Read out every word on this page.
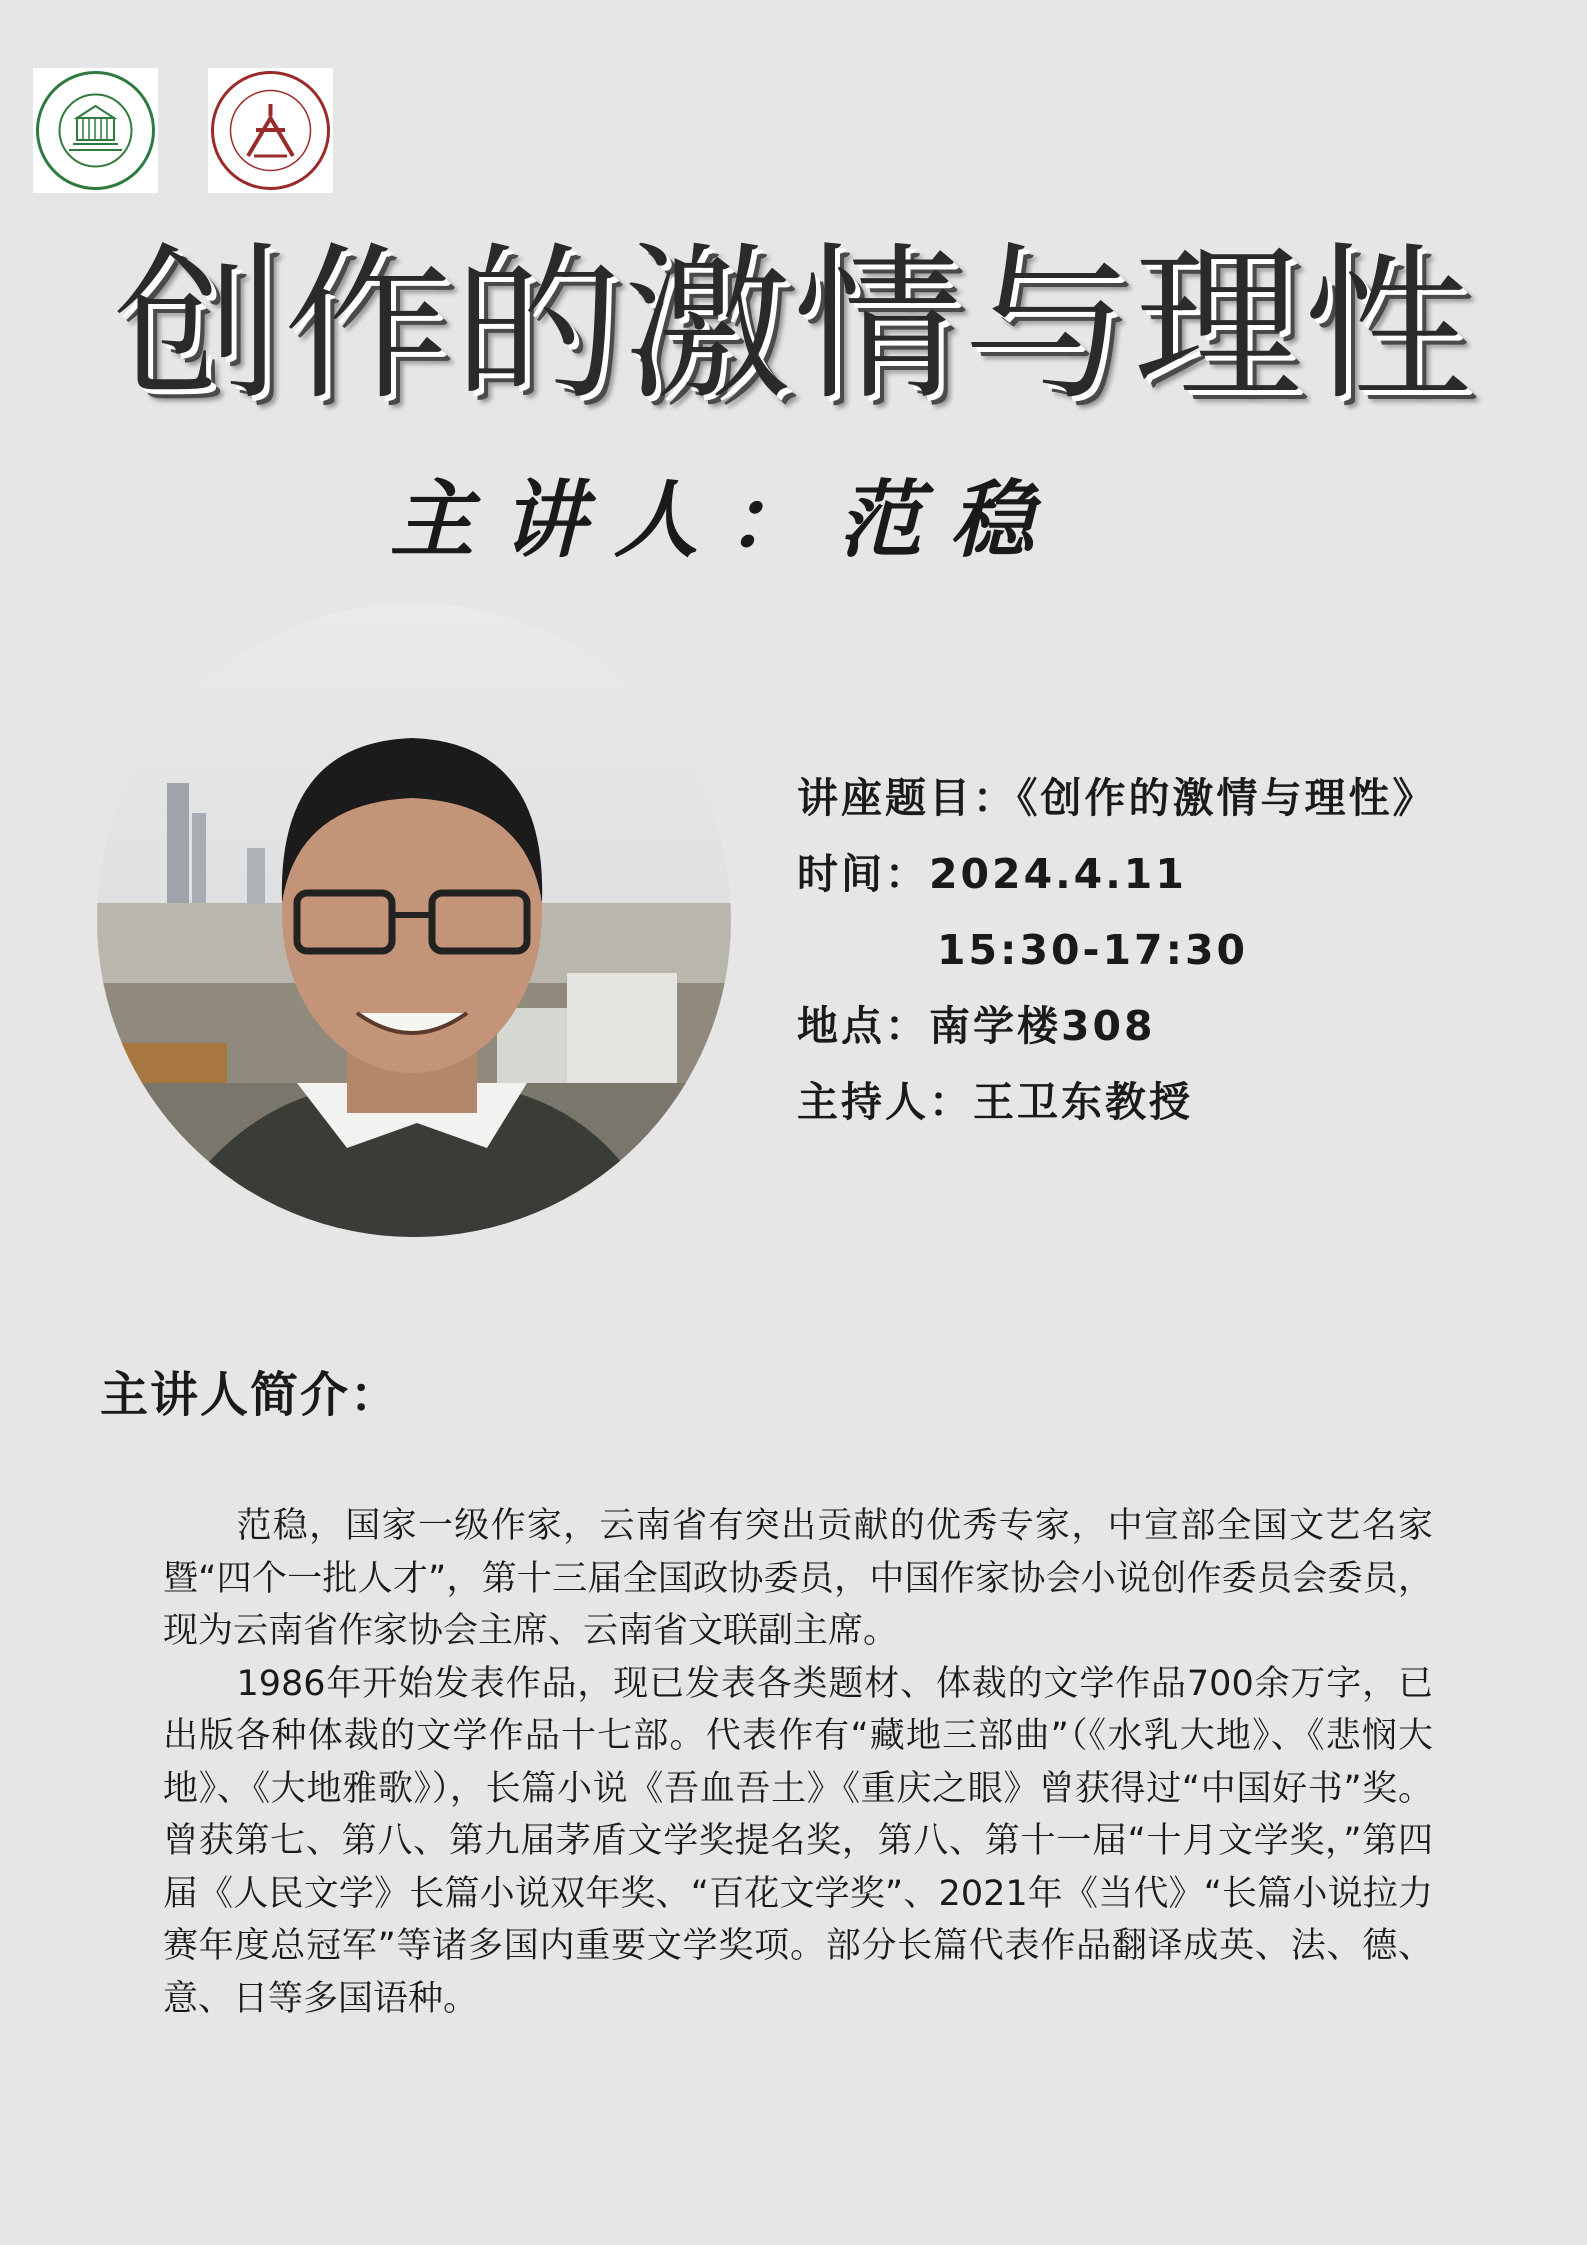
创作的激情与理性
主讲人：范稳
讲座题目：《创作的激情与理性》
时间：2024.4.11
15:30-17:30
地点：南学楼308
主持人：王卫东教授
主讲人简介：

范稳，国家一级作家，云南省有突出贡献的优秀专家，中宣部全国文艺名家暨“四个一批人才”，第十三届全国政协委员，中国作家协会小说创作委员会委员，现为云南省作家协会主席、云南省文联副主席。

1986年开始发表作品，现已发表各类题材、体裁的文学作品700余万字，已出版各种体裁的文学作品十七部。代表作有“藏地三部曲”（《水乳大地》、《悲悯大地》、《大地雅歌》），长篇小说《吾血吾土》《重庆之眼》曾获得过“中国好书”奖。曾获第七、第八、第九届茅盾文学奖提名奖，第八、第十一届“十月文学奖，”第四届《人民文学》长篇小说双年奖、“百花文学奖”、2021年《当代》“长篇小说拉力赛年度总冠军”等诸多国内重要文学奖项。部分长篇代表作品翻译成英、法、德、意、日等多国语种。
